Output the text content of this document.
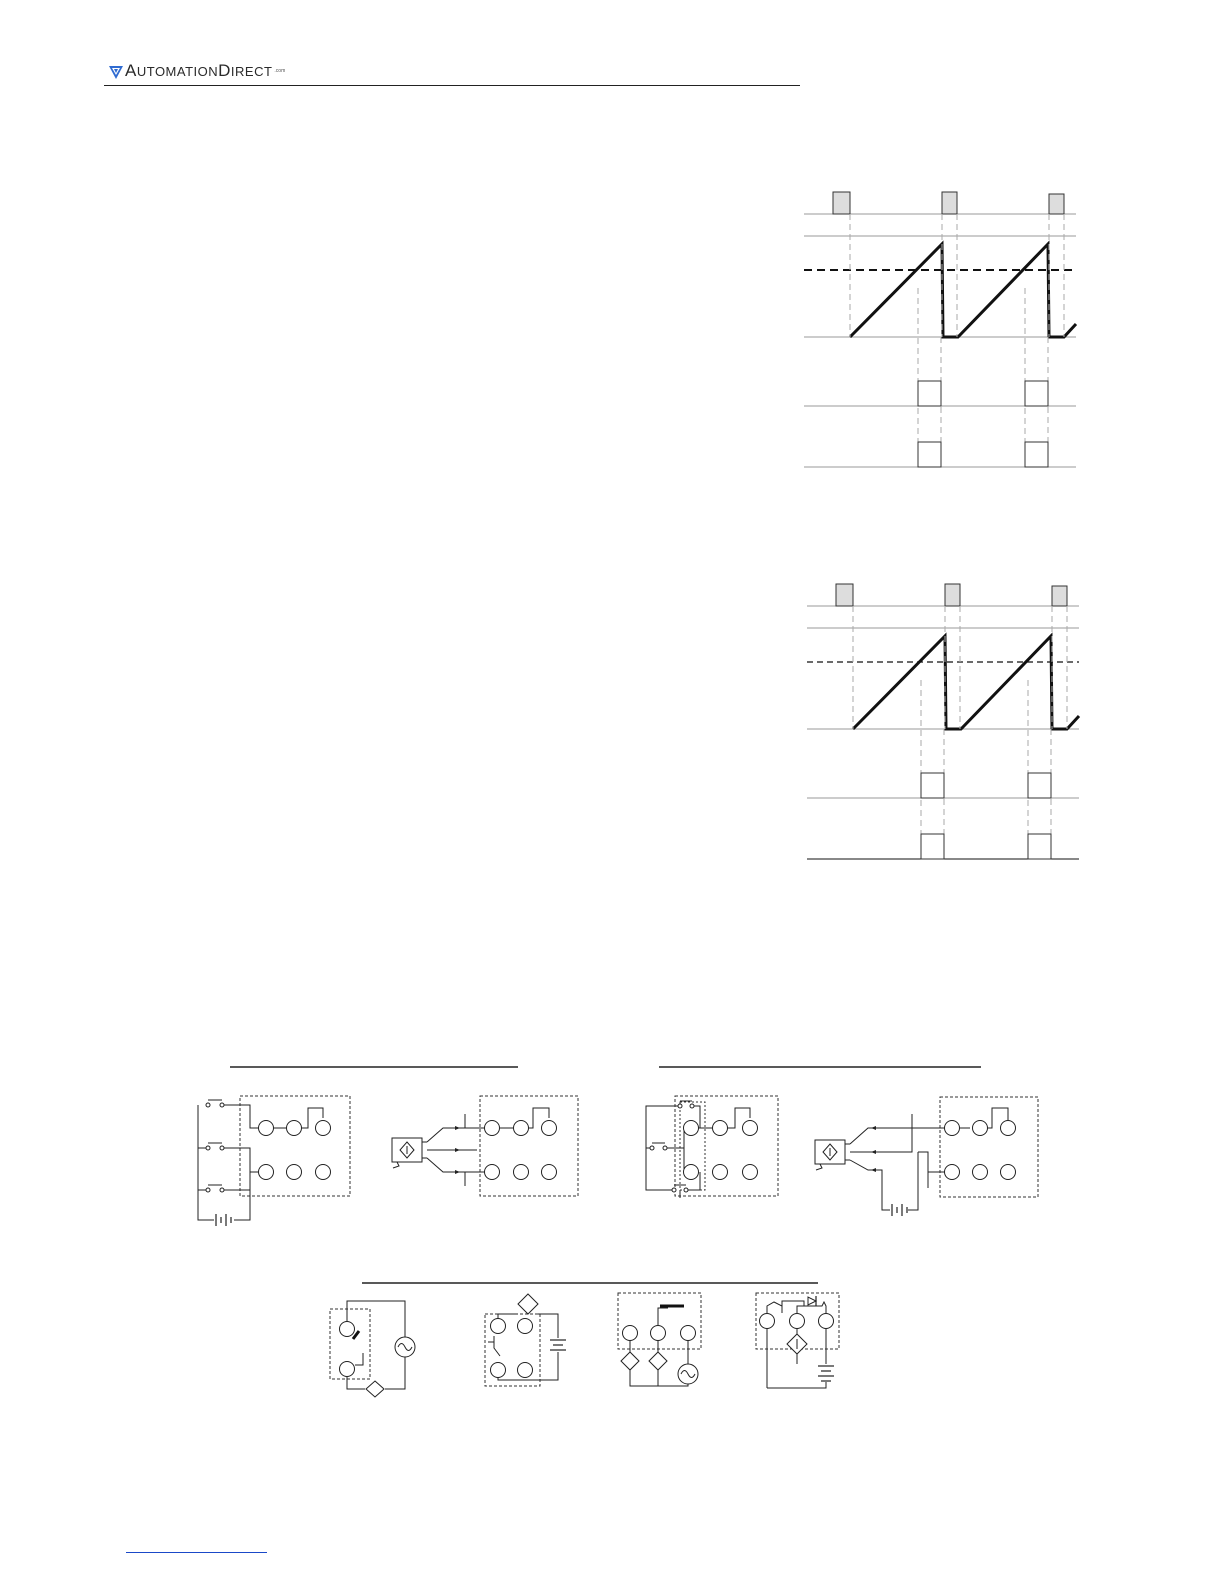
AUTOMATIONDIRECT .com
